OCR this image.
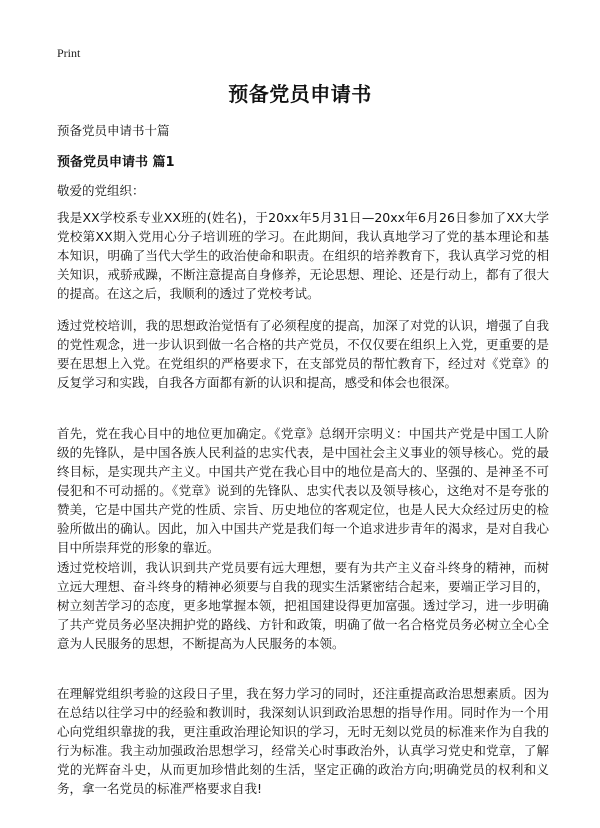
Print
预备党员申请书
预备党员申请书十篇
预备党员申请书 篇1
敬爱的党组织：

我是XX学校系专业XX班的(姓名)，于20xx年5月31日—20xx年6月26日参加了XX大学党校第XX期入党用心分子培训班的学习。在此期间，我认真地学习了党的基本理论和基本知识，明确了当代大学生的政治使命和职责。在组织的培养教育下，我认真学习党的相关知识，戒骄戒躁，不断注意提高自身修养，无论思想、理论、还是行动上，都有了很大的提高。在这之后，我顺利的透过了党校考试。

透过党校培训，我的思想政治觉悟有了必须程度的提高，加深了对党的认识，增强了自我的党性观念，进一步认识到做一名合格的共产党员，不仅仅要在组织上入党，更重要的是要在思想上入党。在党组织的严格要求下，在支部党员的帮忙教育下，经过对《党章》的反复学习和实践，自我各方面都有新的认识和提高，感受和体会也很深。

首先，党在我心目中的地位更加确定。《党章》总纲开宗明义：中国共产党是中国工人阶级的先锋队，是中国各族人民利益的忠实代表，是中国社会主义事业的领导核心。党的最终目标，是实现共产主义。中国共产党在我心目中的地位是高大的、坚强的、是神圣不可侵犯和不可动摇的。《党章》说到的先锋队、忠实代表以及领导核心，这绝对不是夸张的赞美，它是中国共产党的性质、宗旨、历史地位的客观定位，也是人民大众经过历史的检验所做出的确认。因此，加入中国共产党是我们每一个追求进步青年的渴求，是对自我心目中所崇拜党的形象的靠近。

透过党校培训，我认识到共产党员要有远大理想，要有为共产主义奋斗终身的精神，而树立远大理想、奋斗终身的精神必须要与自我的现实生活紧密结合起来，要端正学习目的，树立刻苦学习的态度，更多地掌握本领，把祖国建设得更加富强。透过学习，进一步明确了共产党员务必坚决拥护党的路线、方针和政策，明确了做一名合格党员务必树立全心全意为人民服务的思想，不断提高为人民服务的本领。

在理解党组织考验的这段日子里，我在努力学习的同时，还注重提高政治思想素质。因为在总结以往学习中的经验和教训时，我深刻认识到政治思想的指导作用。同时作为一个用心向党组织靠拢的我，更注重政治理论知识的学习，无时无刻以党员的标准来作为自我的行为标准。我主动加强政治思想学习，经常关心时事政治外，认真学习党史和党章，了解党的光辉奋斗史，从而更加珍惜此刻的生活，坚定正确的政治方向;明确党员的权利和义务，拿一名党员的标准严格要求自我!
